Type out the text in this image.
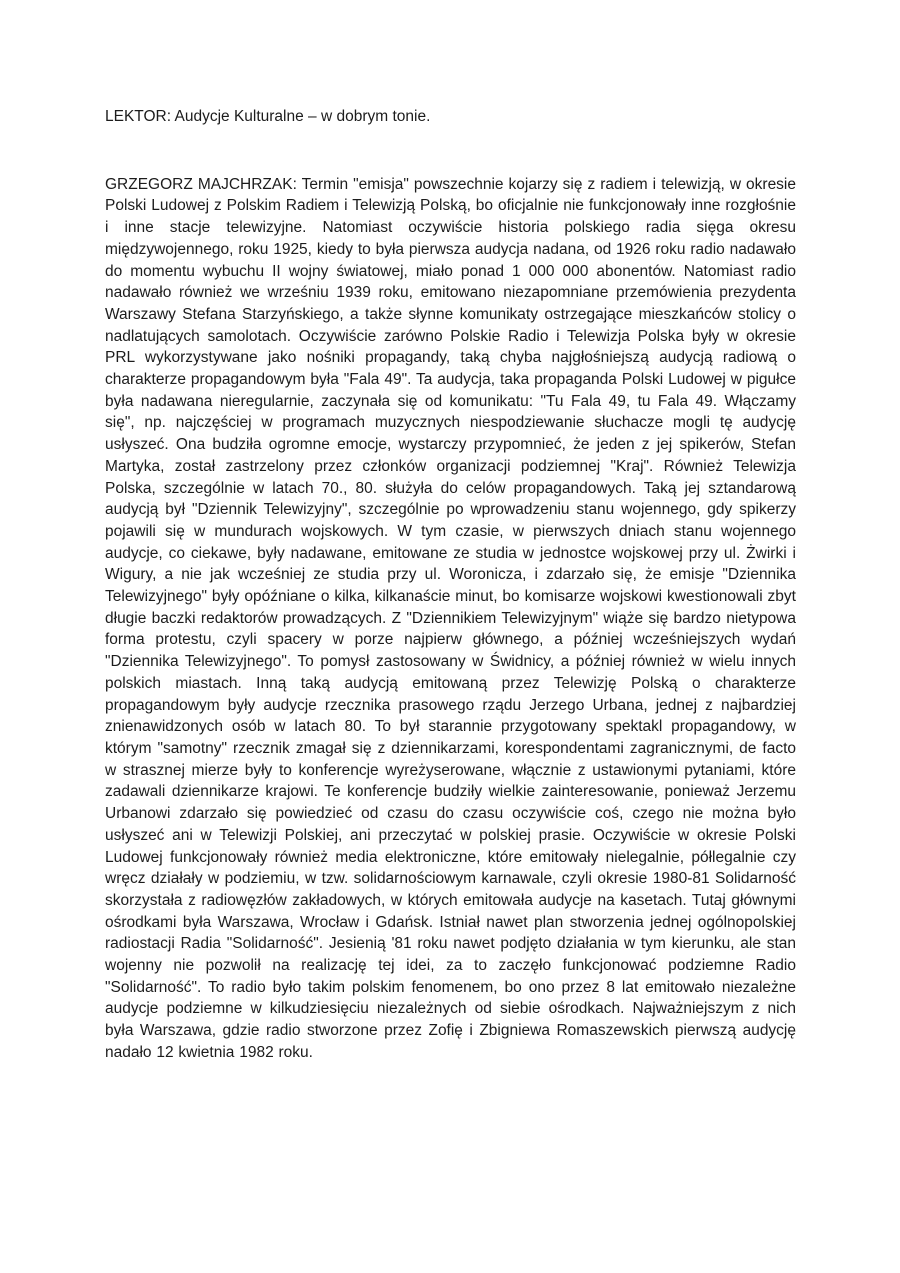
LEKTOR: Audycje Kulturalne – w dobrym tonie.

GRZEGORZ MAJCHRZAK: Termin "emisja" powszechnie kojarzy się z radiem i telewizją, w okresie Polski Ludowej z Polskim Radiem i Telewizją Polską, bo oficjalnie nie funkcjonowały inne rozgłośnie i inne stacje telewizyjne. Natomiast oczywiście historia polskiego radia sięga okresu międzywojennego, roku 1925, kiedy to była pierwsza audycja nadana, od 1926 roku radio nadawało do momentu wybuchu II wojny światowej, miało ponad 1 000 000 abonentów. Natomiast radio nadawało również we wrześniu 1939 roku, emitowano niezapomniane przemówienia prezydenta Warszawy Stefana Starzyńskiego, a także słynne komunikaty ostrzegające mieszkańców stolicy o nadlatujących samolotach. Oczywiście zarówno Polskie Radio i Telewizja Polska były w okresie PRL wykorzystywane jako nośniki propagandy, taką chyba najgłośniejszą audycją radiową o charakterze propagandowym była "Fala 49". Ta audycja, taka propaganda Polski Ludowej w pigułce była nadawana nieregularnie, zaczynała się od komunikatu: "Tu Fala 49, tu Fala 49. Włączamy się", np. najczęściej w programach muzycznych niespodziewanie słuchacze mogli tę audycję usłyszeć. Ona budziła ogromne emocje, wystarczy przypomnieć, że jeden z jej spikerów, Stefan Martyka, został zastrzelony przez członków organizacji podziemnej "Kraj". Również Telewizja Polska, szczególnie w latach 70., 80. służyła do celów propagandowych. Taką jej sztandarową audycją był "Dziennik Telewizyjny", szczególnie po wprowadzeniu stanu wojennego, gdy spikerzy pojawili się w mundurach wojskowych. W tym czasie, w pierwszych dniach stanu wojennego audycje, co ciekawe, były nadawane, emitowane ze studia w jednostce wojskowej przy ul. Żwirki i Wigury, a nie jak wcześniej ze studia przy ul. Woronicza, i zdarzało się, że emisje "Dziennika Telewizyjnego" były opóźniane o kilka, kilkanaście minut, bo komisarze wojskowi kwestionowali zbyt długie baczki redaktorów prowadzących. Z "Dziennikiem Telewizyjnym" wiąże się bardzo nietypowa forma protestu, czyli spacery w porze najpierw głównego, a później wcześniejszych wydań "Dziennika Telewizyjnego". To pomysł zastosowany w Świdnicy, a później również w wielu innych polskich miastach. Inną taką audycją emitowaną przez Telewizję Polską o charakterze propagandowym były audycje rzecznika prasowego rządu Jerzego Urbana, jednej z najbardziej znienawidzonych osób w latach 80. To był starannie przygotowany spektakl propagandowy, w którym "samotny" rzecznik zmagał się z dziennikarzami, korespondentami zagranicznymi, de facto w strasznej mierze były to konferencje wyreżyserowane, włącznie z ustawionymi pytaniami, które zadawali dziennikarze krajowi. Te konferencje budziły wielkie zainteresowanie, ponieważ Jerzemu Urbanowi zdarzało się powiedzieć od czasu do czasu oczywiście coś, czego nie można było usłyszeć ani w Telewizji Polskiej, ani przeczytać w polskiej prasie. Oczywiście w okresie Polski Ludowej funkcjonowały również media elektroniczne, które emitowały nielegalnie, półlegalnie czy wręcz działały w podziemiu, w tzw. solidarnościowym karnawale, czyli okresie 1980-81 Solidarność skorzystała z radiowęzłów zakładowych, w których emitowała audycje na kasetach. Tutaj głównymi ośrodkami była Warszawa, Wrocław i Gdańsk. Istniał nawet plan stworzenia jednej ogólnopolskiej radiostacji Radia "Solidarność". Jesienią '81 roku nawet podjęto działania w tym kierunku, ale stan wojenny nie pozwolił na realizację tej idei, za to zaczęło funkcjonować podziemne Radio "Solidarność". To radio było takim polskim fenomenem, bo ono przez 8 lat emitowało niezależne audycje podziemne w kilkudziesięciu niezależnych od siebie ośrodkach. Najważniejszym z nich była Warszawa, gdzie radio stworzone przez Zofię i Zbigniewa Romaszewskich pierwszą audycję nadało 12 kwietnia 1982 roku.
